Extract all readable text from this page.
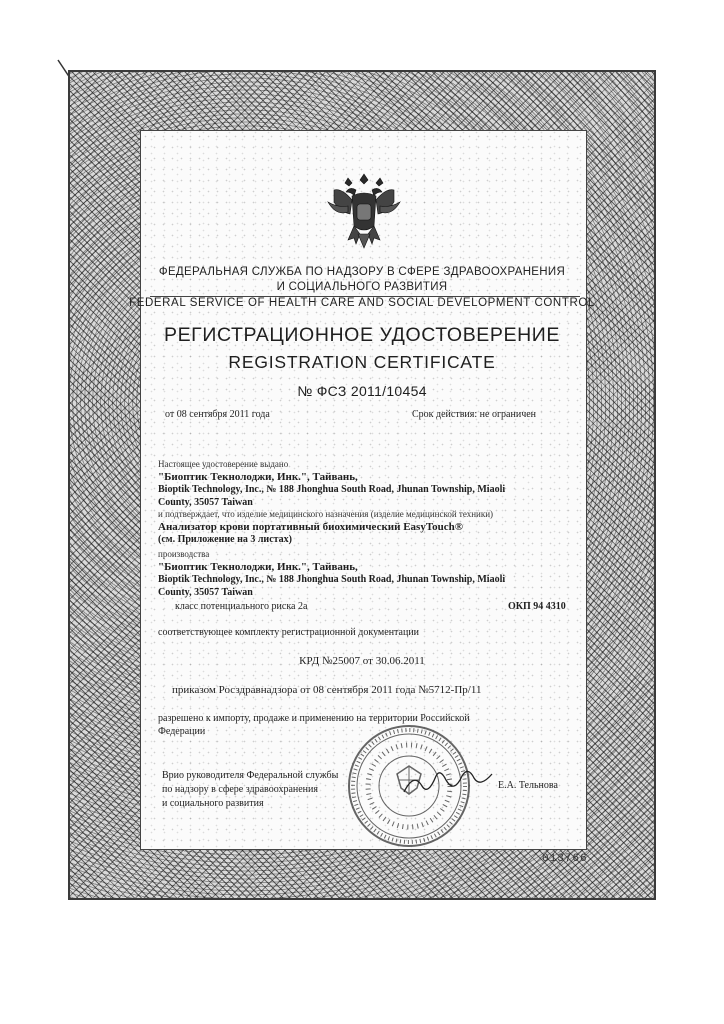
ФЕДЕРАЛЬНАЯ СЛУЖБА ПО НАДЗОРУ В СФЕРЕ ЗДРАВООХРАНЕНИЯ
И СОЦИАЛЬНОГО РАЗВИТИЯ
FEDERAL SERVICE OF HEALTH CARE AND SOCIAL DEVELOPMENT CONTROL
РЕГИСТРАЦИОННОЕ УДОСТОВЕРЕНИЕ
REGISTRATION CERTIFICATE
№ ФСЗ 2011/10454
от 08 сентября 2011 года	Срок действия: не ограничен
Настоящее удостоверение выдано
"Биоптик Текнолоджи, Инк.", Тайвань,
Bioptik Technology, Inc., № 188 Jhonghua South Road, Jhunan Township, Miaoli
County, 35057 Taiwan
и подтверждает, что изделие медицинского назначения (изделие медицинской техники)
Анализатор крови портативный биохимический EasyTouch®
(см. Приложение на 3 листах)
производства
"Биоптик Текнолоджи, Инк.", Тайвань,
Bioptik Technology, Inc., № 188 Jhonghua South Road, Jhunan Township, Miaoli
County, 35057 Taiwan
класс потенциального риска 2а	ОКП 94 4310
соответствующее комплекту регистрационной документации
КРД №25007 от 30.06.2011
приказом Росздравнадзора от 08 сентября 2011 года №5712-Пр/11
разрешено к импорту, продаже и применению на территории Российской
Федерации
Врио руководителя Федеральной службы
по надзору в сфере здравоохранения
и социального развития
Е.А. Тельнова
013766
